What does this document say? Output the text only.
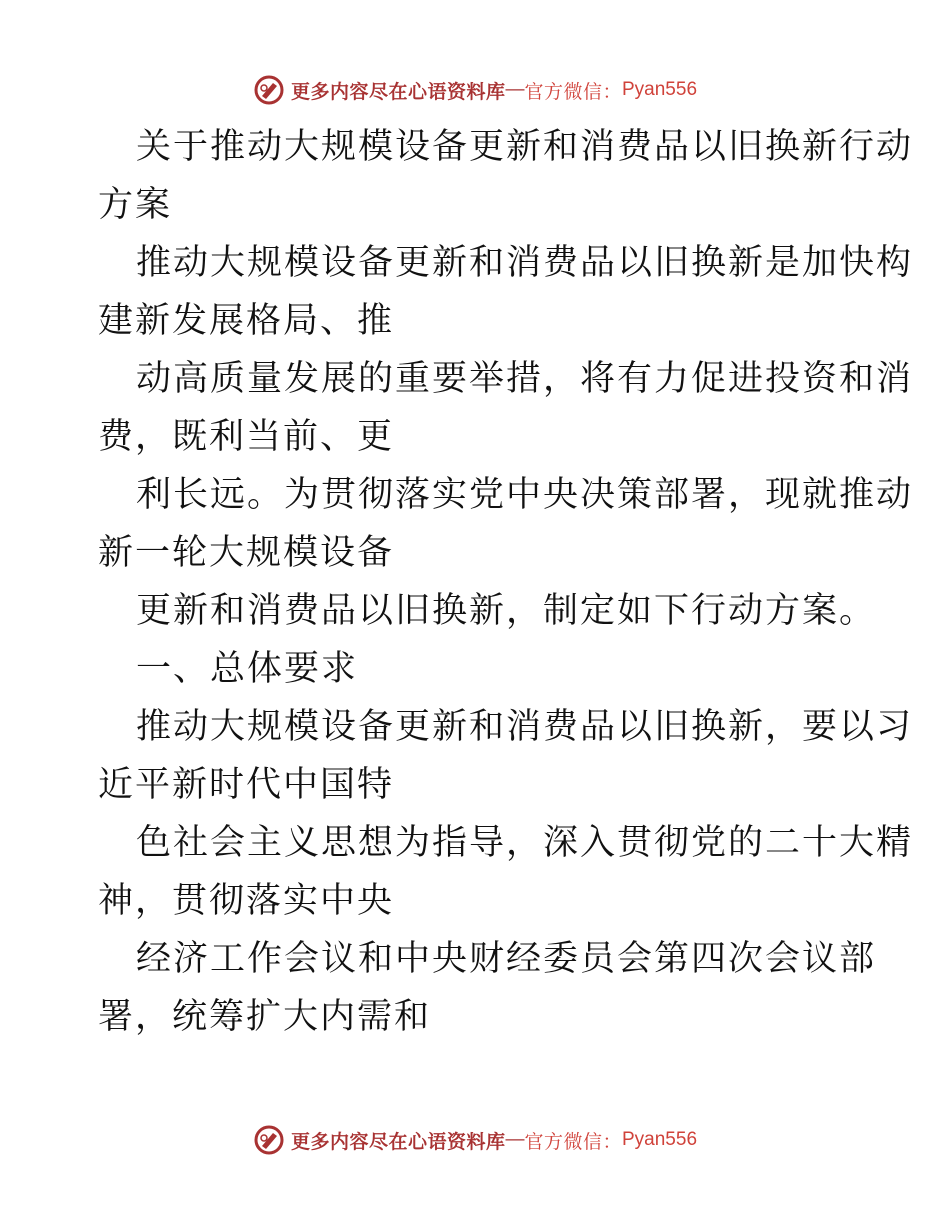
更多内容尽在心语资料库 — 官方微信： Pyan556
关于推动大规模设备更新和消费品以旧换新行动
方案
推动大规模设备更新和消费品以旧换新是加快构
建新发展格局、推
动高质量发展的重要举措，将有力促进投资和消
费，既利当前、更
利长远。为贯彻落实党中央决策部署，现就推动
新一轮大规模设备
更新和消费品以旧换新，制定如下行动方案。
一、总体要求
推动大规模设备更新和消费品以旧换新，要以习
近平新时代中国特
色社会主义思想为指导，深入贯彻党的二十大精
神，贯彻落实中央
经济工作会议和中央财经委员会第四次会议部
署，统筹扩大内需和
更多内容尽在心语资料库 — 官方微信： Pyan556
